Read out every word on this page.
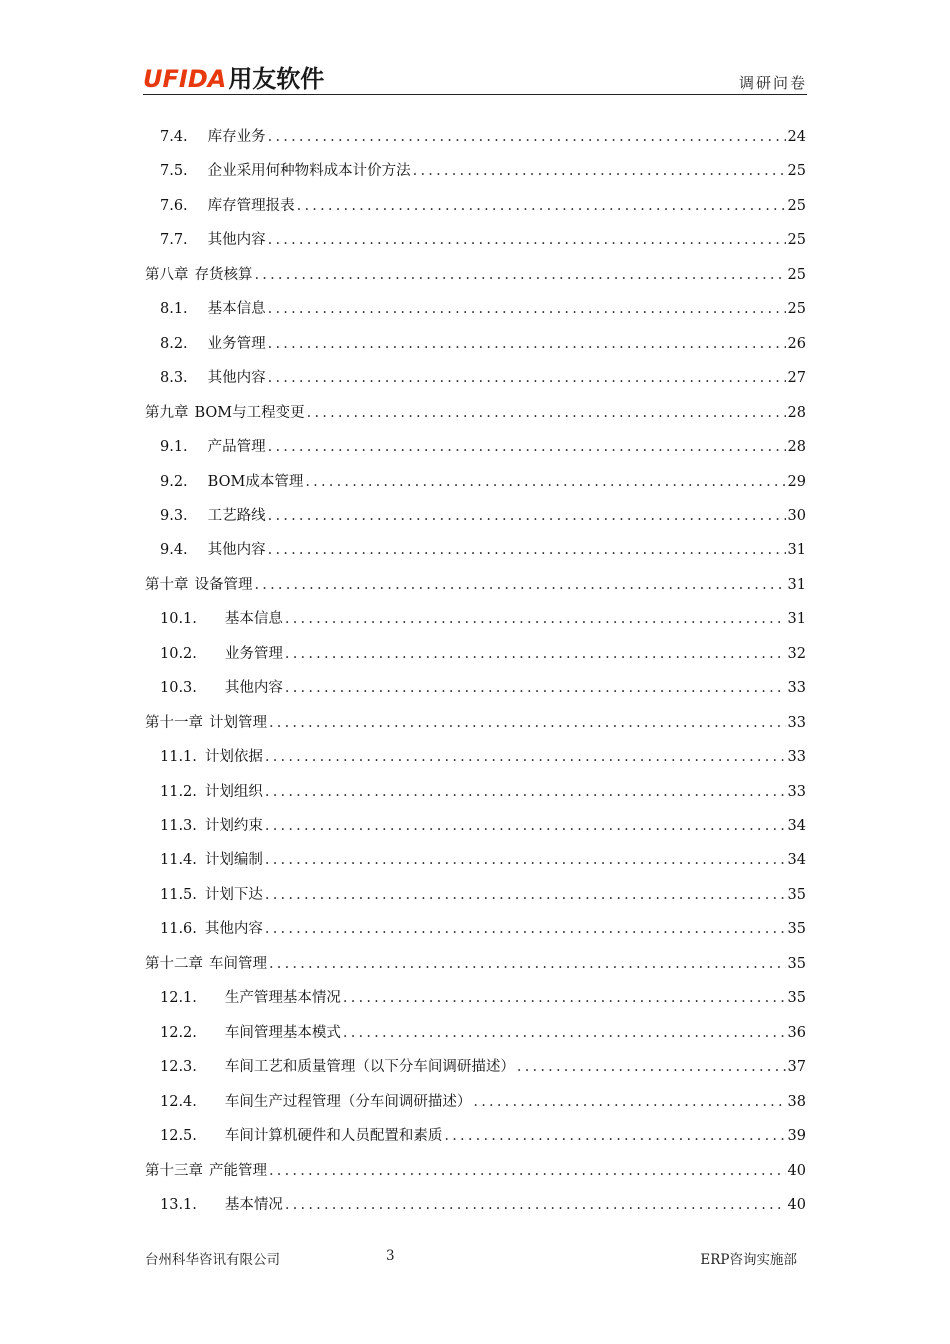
UFIDA 用友软件	调研问卷
7.4. 库存业务 .....	24
7.5. 企业采用何种物料成本计价方法 .....	25
7.6. 库存管理报表 .....	25
7.7. 其他内容 .....	25
第八章 存货核算 .....	25
8.1. 基本信息 .....	25
8.2. 业务管理 .....	26
8.3. 其他内容 .....	27
第九章 BOM与工程变更 .....	28
9.1. 产品管理 .....	28
9.2. BOM成本管理 .....	29
9.3. 工艺路线 .....	30
9.4. 其他内容 .....	31
第十章 设备管理 .....	31
10.1. 基本信息 .....	31
10.2. 业务管理 .....	32
10.3. 其他内容 .....	33
第十一章 计划管理 .....	33
11.1. 计划依据 .....	33
11.2. 计划组织 .....	33
11.3. 计划约束 .....	34
11.4. 计划编制 .....	34
11.5. 计划下达 .....	35
11.6. 其他内容 .....	35
第十二章 车间管理 .....	35
12.1. 生产管理基本情况 .....	35
12.2. 车间管理基本模式 .....	36
12.3. 车间工艺和质量管理（以下分车间调研描述） .....	37
12.4. 车间生产过程管理（分车间调研描述） .....	38
12.5. 车间计算机硬件和人员配置和素质 .....	39
第十三章 产能管理 .....	40
13.1. 基本情况 .....	40
台州科华咨讯有限公司	3	ERP咨询实施部
